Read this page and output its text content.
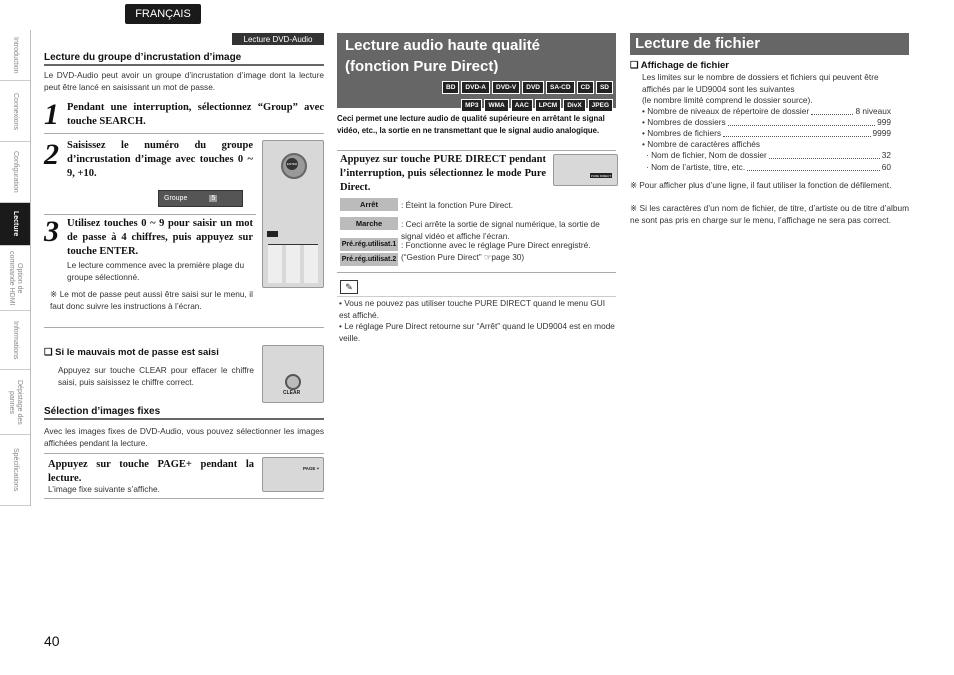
FRANÇAIS
Introduction
Connexions
Configuration
Lecture
Option de commande HDMI
Informations
Dépistage des pannes
Spécifications
Lecture DVD-Audio
Lecture du groupe d’incrustation d’image
Le DVD-Audio peut avoir un groupe d’incrustation d’image dont la lecture peut être lancé en saisissant un mot de passe.
1 Pendant une interruption, sélectionnez “Group” avec touche SEARCH.
2 Saisissez le numéro du groupe d’incrustation d’image avec touches 0 ~ 9, +10.
Groupe	5
ENTER
3 Utilisez touches 0 ~ 9 pour saisir un mot de passe à 4 chiffres, puis appuyez sur touche ENTER.
Le lecture commence avec la première plage du groupe sélectionné.
※ Le mot de passe peut aussi être saisi sur le menu, il faut donc suivre les instructions à l’écran.
❑ Si le mauvais mot de passe est saisi
Appuyez sur touche CLEAR pour effacer le chiffre saisi, puis saisissez le chiffre correct.
CLEAR
Sélection d’images fixes
Avec les images fixes de DVD-Audio, vous pouvez sélectionner les images affichées pendant la lecture.
Appuyez sur touche PAGE+ pendant la lecture.
L’image fixe suivante s’affiche.
PAGE +
Lecture audio haute qualité
(fonction Pure Direct)
BD DVD-A DVD-V DVD SA-CD CD SD
MP3 WMA AAC LPCM DivX JPEG
Ceci permet une lecture audio de qualité supérieure en arrêtant le signal vidéo, etc., la sortie en ne transmettant que le signal audio analogique.
Appuyez sur touche PURE DIRECT pendant l’interruption, puis sélectionnez le mode Pure Direct.
PURE DIRECT
Arrêt	: Éteint la fonction Pure Direct.
Marche	: Ceci arrête la sortie de signal numérique, la sortie de signal vidéo et affiche l’écran.
Pré.rég.utilisat.1 : Fonctionne avec le réglage Pure Direct enregistré. (“Gestion Pure Direct” ☞page 30)
Pré.rég.utilisat.2
✎
• Vous ne pouvez pas utiliser touche PURE DIRECT quand le menu GUI est affiché.
• Le réglage Pure Direct retourne sur “Arrêt” quand le UD9004 est en mode veille.
Lecture de fichier
❑ Affichage de fichier
Les limites sur le nombre de dossiers et fichiers qui peuvent être affichés par le UD9004 sont les suivantes
(le nombre limité comprend le dossier source).
• Nombre de niveaux de répertoire de dossier	8 niveaux
• Nombres de dossiers	999
• Nombres de fichiers	9999
• Nombre de caractères affichés
· Nom de fichier, Nom de dossier	32
· Nom de l’artiste, titre, etc.	60
※ Pour afficher plus d’une ligne, il faut utiliser la fonction de défilement.
※ Si les caractères d’un nom de fichier, de titre, d’artiste ou de titre d’album ne sont pas pris en charge sur le menu, l’affichage ne sera pas correct.
40
